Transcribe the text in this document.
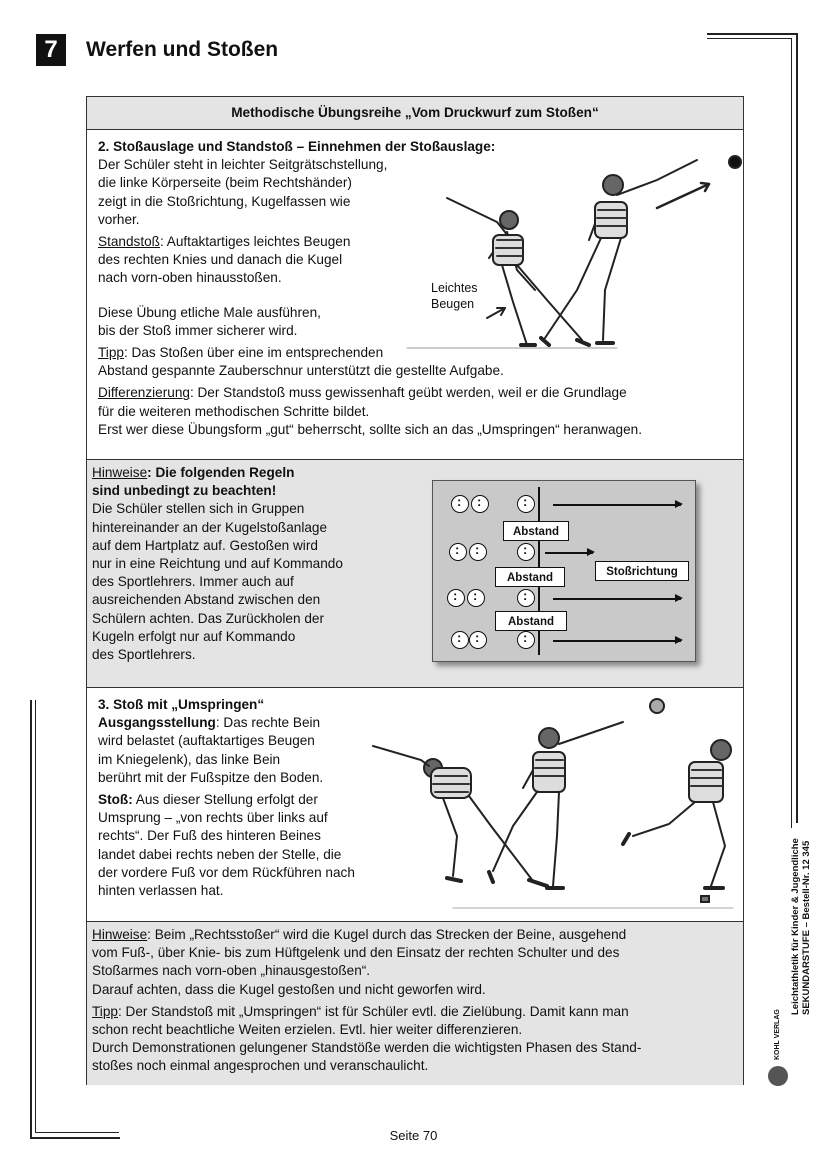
7	Werfen und Stoßen
Methodische Übungsreihe „Vom Druckwurf zum Stoßen“

2. Stoßauslage und Standstoß – Einnehmen der Stoßauslage:

Der Schüler steht in leichter Seitgrätschstellung,

die linke Körperseite (beim Rechtshänder)

zeigt in die Stoßrichtung, Kugelfassen wie

vorher.

Standstoß: Auftaktartiges leichtes Beugen

des rechten Knies und danach die Kugel

nach vorn-oben hinausstoßen.

Diese Übung etliche Male ausführen,

bis der Stoß immer sicherer wird.

Tipp: Das Stoßen über eine im entsprechenden

Abstand gespannte Zauberschnur unterstützt die gestellte Aufgabe.

Differenzierung: Der Standstoß muss gewissenhaft geübt werden, weil er die Grundlage

für die weiteren methodischen Schritte bildet.

Erst wer diese Übungsform „gut“ beherrscht, sollte sich an das „Umspringen“ heranwagen.

Leichtes

Beugen

Hinweise: Die folgenden Regeln

sind unbedingt zu beachten!

Die Schüler stellen sich in Gruppen

hintereinander an der Kugelstoßanlage

auf dem Hartplatz auf. Gestoßen wird

nur in eine Reichtung und auf Kommando

des Sportlehrers. Immer auch auf

ausreichenden Abstand zwischen den

Schülern achten. Das Zurückholen der

Kugeln erfolgt nur auf Kommando

des Sportlehrers.

:
:
:
:
:
:
:
:
:
:
:
:
Abstand
Abstand
Abstand
Stoßrichtung

3. Stoß mit „Umspringen“

Ausgangsstellung: Das rechte Bein

wird belastet (auftaktartiges Beugen

im Kniegelenk), das linke Bein

berührt mit der Fußspitze den Boden.

Stoß: Aus dieser Stellung erfolgt der

Umsprung – „von rechts über links auf

rechts“. Der Fuß des hinteren Beines

landet dabei rechts neben der Stelle, die

der vordere Fuß vor dem Rückführen nach

hinten verlassen hat.

Hinweise: Beim „Rechtsstoßer“ wird die Kugel durch das Strecken der Beine, ausgehend

vom Fuß-, über Knie- bis zum Hüftgelenk und den Einsatz der rechten Schulter und des

Stoßarmes nach vorn-oben „hinausgestoßen“.

Darauf achten, dass die Kugel gestoßen und nicht geworfen wird.

Tipp: Der Standstoß mit „Umspringen“ ist für Schüler evtl. die Zielübung. Damit kann man

schon recht beachtliche Weiten erzielen. Evtl. hier weiter differenzieren.

Durch Demonstrationen gelungener Standstöße werden die wichtigsten Phasen des Stand-

stoßes noch einmal angesprochen und veranschaulicht.

Leichtathletik für Kinder & Jugendliche SEKUNDARSTUFE – Bestell-Nr. 12 345
KOHL VERLAG
Seite 70
